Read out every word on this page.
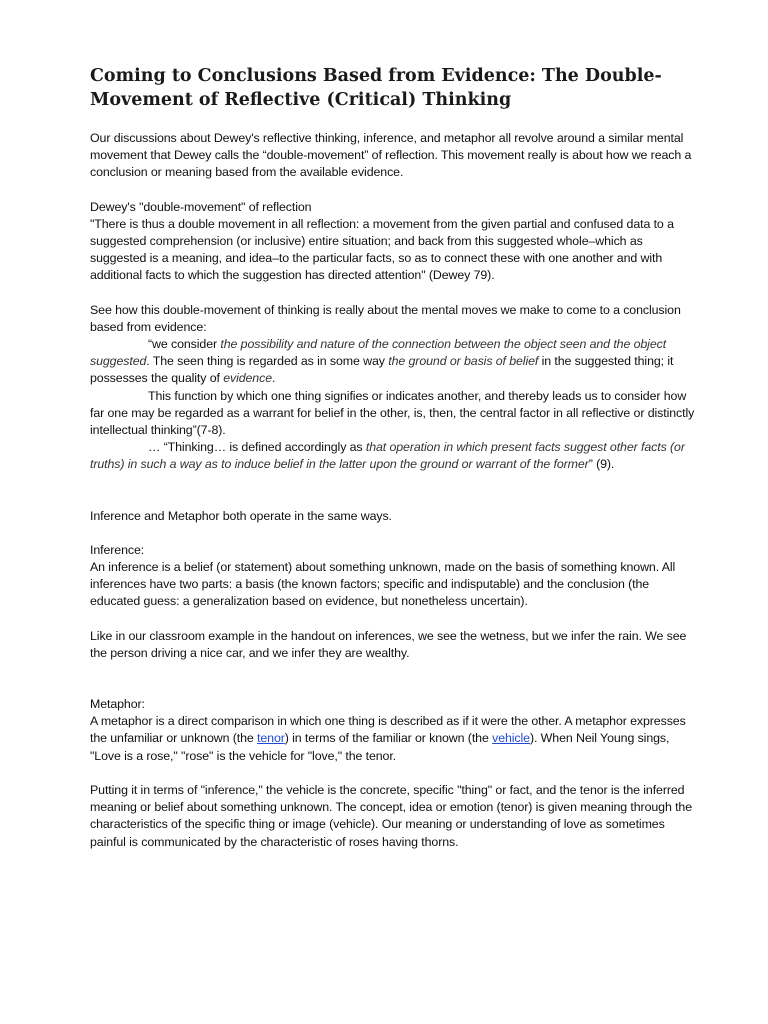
Coming to Conclusions Based from Evidence: The Double-Movement of Reflective (Critical) Thinking

Our discussions about Dewey's reflective thinking, inference, and metaphor all revolve around a similar mental movement that Dewey calls the “double-movement” of reflection. This movement really is about how we reach a conclusion or meaning based from the available evidence.

Dewey's "double-movement" of reflection

"There is thus a double movement in all reflection: a movement from the given partial and confused data to a suggested comprehension (or inclusive) entire situation; and back from this suggested whole–which as suggested is a meaning, and idea–to the particular facts, so as to connect these with one another and with additional facts to which the suggestion has directed attention" (Dewey 79).

See how this double-movement of thinking is really about the mental moves we make to come to a conclusion based from evidence:

“we consider the possibility and nature of the connection between the object seen and the object suggested. The seen thing is regarded as in some way the ground or basis of belief in the suggested thing; it possesses the quality of evidence.

This function by which one thing signifies or indicates another, and thereby leads us to consider how far one may be regarded as a warrant for belief in the other, is, then, the central factor in all reflective or distinctly intellectual thinking”(7-8).

… “Thinking… is defined accordingly as that operation in which present facts suggest other facts (or truths) in such a way as to induce belief in the latter upon the ground or warrant of the former” (9).

Inference and Metaphor both operate in the same ways.

Inference:

An inference is a belief (or statement) about something unknown, made on the basis of something known. All inferences have two parts: a basis (the known factors; specific and indisputable) and the conclusion (the educated guess: a generalization based on evidence, but nonetheless uncertain).

Like in our classroom example in the handout on inferences, we see the wetness, but we infer the rain. We see the person driving a nice car, and we infer they are wealthy.

Metaphor:

A metaphor is a direct comparison in which one thing is described as if it were the other. A metaphor expresses the unfamiliar or unknown (the tenor) in terms of the familiar or known (the vehicle). When Neil Young sings, "Love is a rose," "rose" is the vehicle for "love," the tenor.

Putting it in terms of "inference," the vehicle is the concrete, specific "thing" or fact, and the tenor is the inferred meaning or belief about something unknown. The concept, idea or emotion (tenor) is given meaning through the characteristics of the specific thing or image (vehicle). Our meaning or understanding of love as sometimes painful is communicated by the characteristic of roses having thorns.
